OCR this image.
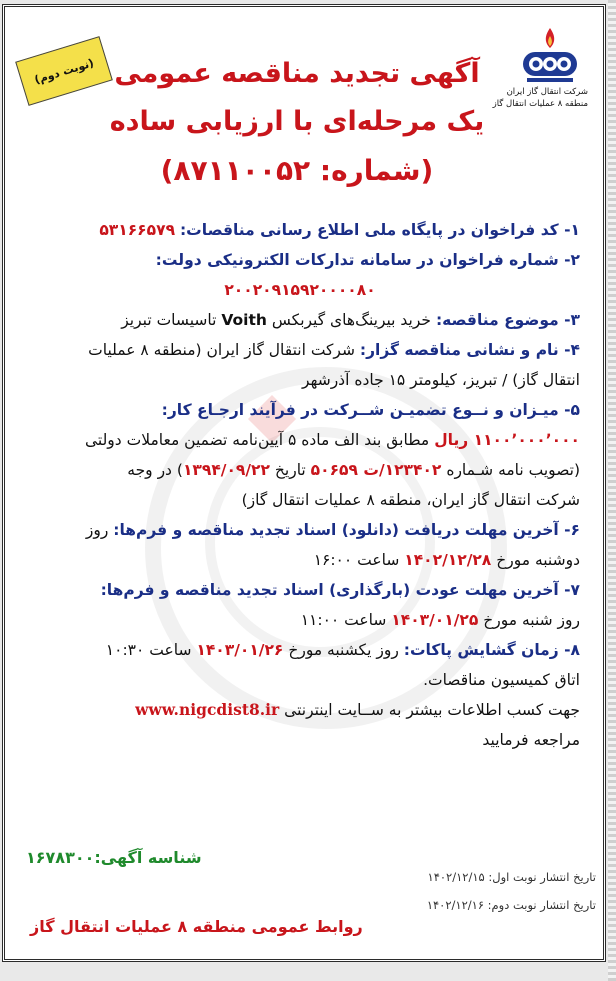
(نوبت دوم) آگهی تجدید مناقصه عمومی
یک مرحله‌ای با ارزیابی ساده
(شماره: ۸۷۱۱۰۰۵۲)
شرکت انتقال گاز ایران
منطقه ۸ عملیات انتقال گاز
۱- کد فراخوان در پایگاه ملی اطلاع رسانی مناقصات: ۵۳۱۶۶۵۷۹
۲- شماره فراخوان در سامانه تدارکات الکترونیکی دولت:
۲۰۰۲۰۹۱۵۹۲۰۰۰۰۸۰
۳- موضوع مناقصه: خرید بیرینگ‌های گیربکس Voith تاسیسات تبریز
۴- نام و نشانی مناقصه گزار: شرکت انتقال گاز ایران (منطقه ۸ عملیات
انتقال گاز) / تبریز، کیلومتر ۱۵ جاده آذرشهر
۵- میـزان و نــوع تضمیـن شــرکت در فرآیند ارجـاع کار:
۱۱۰۰٬۰۰۰٬۰۰۰ ریال مطابق بند الف ماده ۵ آیین‌نامه تضمین معاملات دولتی
(تصویب نامه شـماره ۱۲۳۴۰۲/ت ۵۰۶۵۹ تاریخ ۱۳۹۴/۰۹/۲۲) در وجه
شرکت انتقال گاز ایران، منطقه ۸ عملیات انتقال گاز)
۶- آخرین مهلت دریافت (دانلود) اسناد تجدید مناقصه و فرم‌ها: روز
دوشنبه مورخ ۱۴۰۲/۱۲/۲۸ ساعت ۱۶:۰۰
۷- آخرین مهلت عودت (بارگذاری) اسناد تجدید مناقصه و فرم‌ها:
روز شنبه مورخ ۱۴۰۳/۰۱/۲۵ ساعت ۱۱:۰۰
۸- زمان گشایش پاکات: روز یکشنبه مورخ ۱۴۰۳/۰۱/۲۶ ساعت ۱۰:۳۰
اتاق کمیسیون مناقصات.
جهت کسب اطلاعات بیشتر به ســایت اینترنتی www.nigcdist8.ir
مراجعه فرمایید
شناسه آگهی:۱۶۷۸۳۰۰
تاریخ انتشار نوبت اول: ۱۴۰۲/۱۲/۱۵
تاریخ انتشار نوبت دوم: ۱۴۰۲/۱۲/۱۶
روابط عمومی منطقه ۸ عملیات انتقال گاز
